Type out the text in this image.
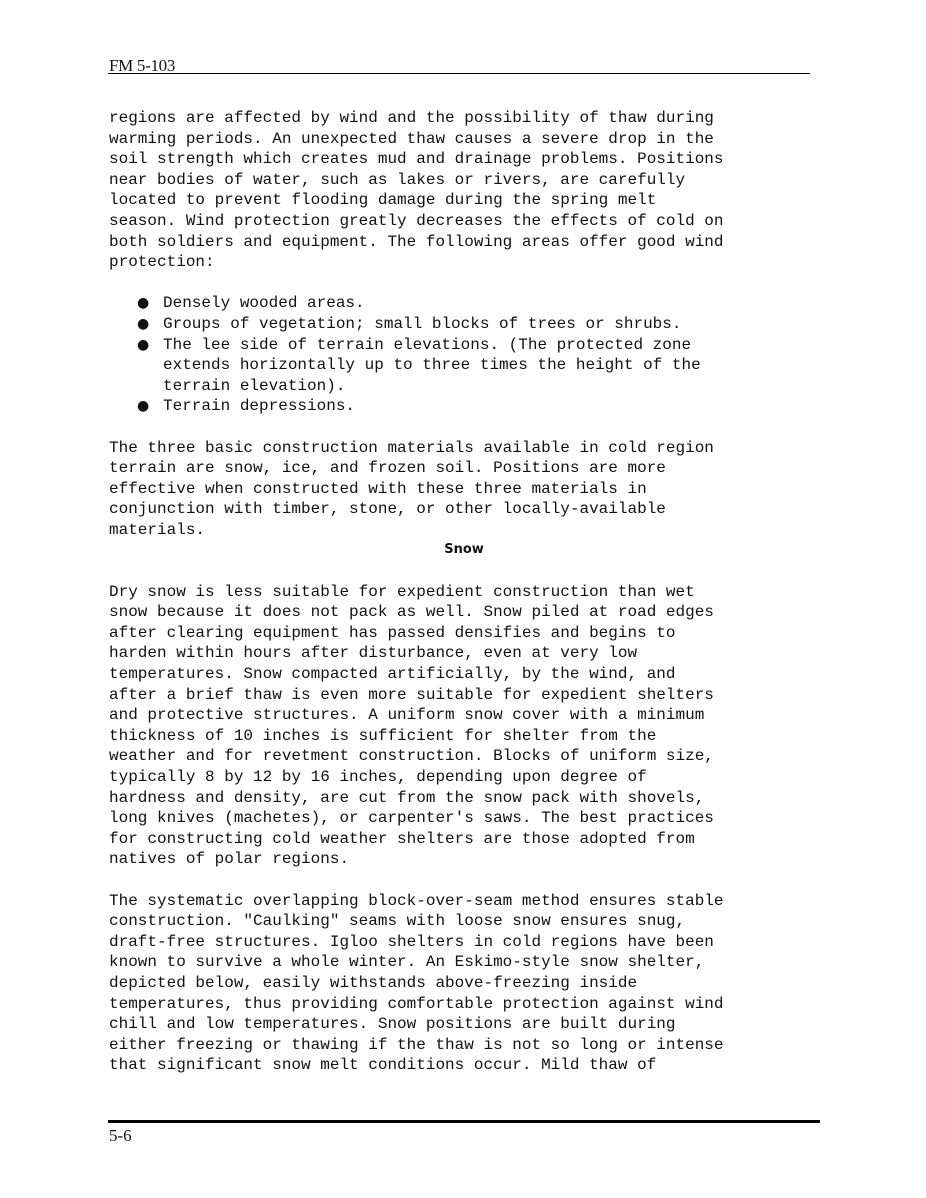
FM 5-103

regions are affected by wind and the possibility of thaw during
warming periods. An unexpected thaw causes a severe drop in the
soil strength which creates mud and drainage problems. Positions
near bodies of water, such as lakes or rivers, are carefully
located to prevent flooding damage during the spring melt
season. Wind protection greatly decreases the effects of cold on
both soldiers and equipment. The following areas offer good wind
protection:

● Densely wooded areas.
● Groups of vegetation; small blocks of trees or shrubs.
● The lee side of terrain elevations. (The protected zone
extends horizontally up to three times the height of the
terrain elevation).
● Terrain depressions.

The three basic construction materials available in cold region
terrain are snow, ice, and frozen soil. Positions are more
effective when constructed with these three materials in
conjunction with timber, stone, or other locally-available
materials.

Snow

Dry snow is less suitable for expedient construction than wet
snow because it does not pack as well. Snow piled at road edges
after clearing equipment has passed densifies and begins to
harden within hours after disturbance, even at very low
temperatures. Snow compacted artificially, by the wind, and
after a brief thaw is even more suitable for expedient shelters
and protective structures. A uniform snow cover with a minimum
thickness of 10 inches is sufficient for shelter from the
weather and for revetment construction. Blocks of uniform size,
typically 8 by 12 by 16 inches, depending upon degree of
hardness and density, are cut from the snow pack with shovels,
long knives (machetes), or carpenter's saws. The best practices
for constructing cold weather shelters are those adopted from
natives of polar regions.

The systematic overlapping block-over-seam method ensures stable
construction. "Caulking" seams with loose snow ensures snug,
draft-free structures. Igloo shelters in cold regions have been
known to survive a whole winter. An Eskimo-style snow shelter,
depicted below, easily withstands above-freezing inside
temperatures, thus providing comfortable protection against wind
chill and low temperatures. Snow positions are built during
either freezing or thawing if the thaw is not so long or intense
that significant snow melt conditions occur. Mild thaw of

5-6
